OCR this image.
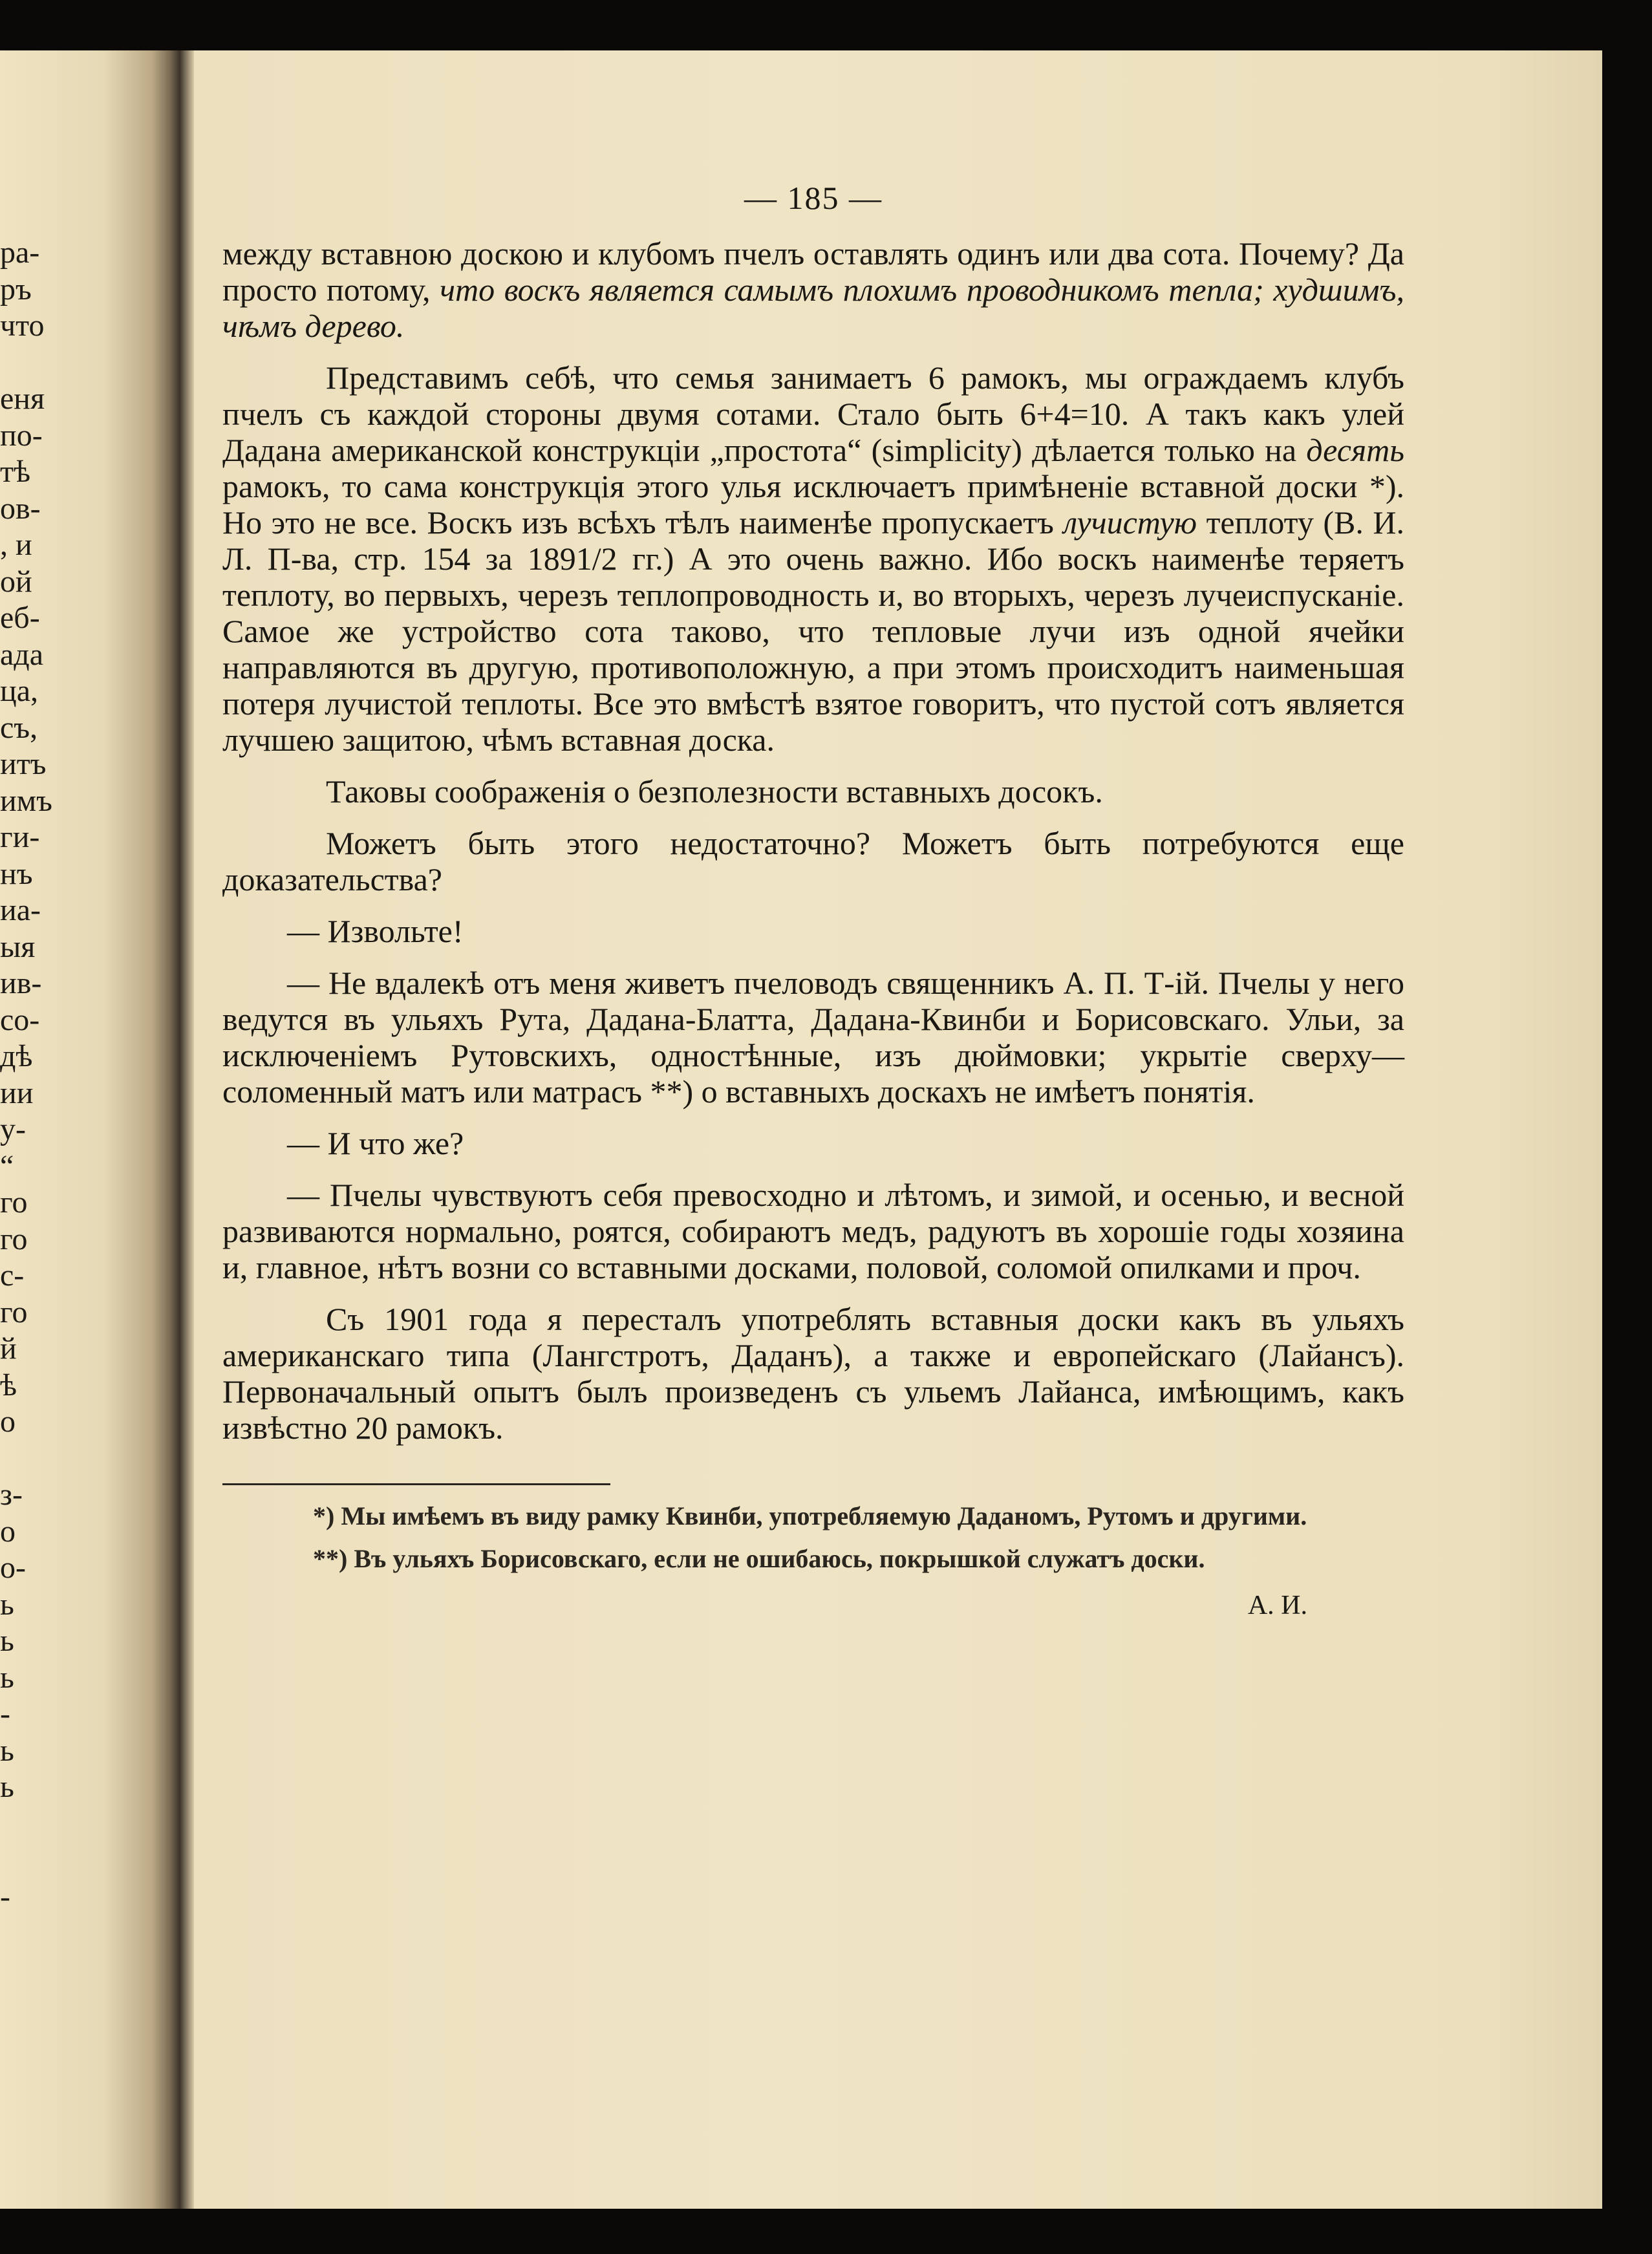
ра-
ръ
что
еня
по-
тѣ
ов-
, и
ой
еб-
ада
ца,
съ,
итъ
имъ
ги-
нъ
иа-
ыя
ив-
со-
дѣ
ии
у-
“
го
го
с-
го
й
ѣ
о
з-
о
о-
ь
ь
ь
-
ь
ь
-
— 185 —

между вставною доскою и клубомъ пчелъ оставлять одинъ или два сота. Почему? Да просто потому, что воскъ является самымъ плохимъ проводникомъ тепла; худшимъ, чѣмъ дерево.

Представимъ себѣ, что семья занимаетъ 6 рамокъ, мы ограждаемъ клубъ пчелъ съ каждой стороны двумя сотами. Стало быть 6+4=10. А такъ какъ улей Дадана американской конструкціи „простота“ (simplicity) дѣлается только на десять рамокъ, то сама конструкція этого улья исключаетъ примѣненіе вставной доски *). Но это не все. Воскъ изъ всѣхъ тѣлъ наименѣе пропускаетъ лучистую теплоту (В. И. Л. П-ва, стр. 154 за 1891/2 гг.) А это очень важно. Ибо воскъ наименѣе теряетъ теплоту, во первыхъ, черезъ теплопроводность и, во вторыхъ, черезъ лучеиспусканіе. Самое же устройство сота таково, что тепловые лучи изъ одной ячейки направляются въ другую, противоположную, а при этомъ происходитъ наименьшая потеря лучистой теплоты. Все это вмѣстѣ взятое говоритъ, что пустой сотъ является лучшею защитою, чѣмъ вставная доска.

Таковы соображенія о безполезности вставныхъ досокъ.

Можетъ быть этого недостаточно? Можетъ быть потребуются еще доказательства?

— Извольте!

— Не вдалекѣ отъ меня живетъ пчеловодъ священникъ А. П. Т-ій. Пчелы у него ведутся въ ульяхъ Рута, Дадана-Блатта, Дадана-Квинби и Борисовскаго. Ульи, за исключеніемъ Рутовскихъ, одностѣнные, изъ дюймовки; укрытіе сверху—соломенный матъ или матрасъ **) о вставныхъ доскахъ не имѣетъ понятія.

— И что же?

— Пчелы чувствуютъ себя превосходно и лѣтомъ, и зимой, и осенью, и весной развиваются нормально, роятся, собираютъ медъ, радуютъ въ хорошіе годы хозяина и, главное, нѣтъ возни со вставными досками, половой, соломой опилками и проч.

Съ 1901 года я пересталъ употреблять вставныя доски какъ въ ульяхъ американскаго типа (Лангстротъ, Даданъ), а также и европейскаго (Лайансъ). Первоначальный опытъ былъ произведенъ съ ульемъ Лайанса, имѣющимъ, какъ извѣстно 20 рамокъ.

*) Мы имѣемъ въ виду рамку Квинби, употребляемую Даданомъ, Рутомъ и другими.

**) Въ ульяхъ Борисовскаго, если не ошибаюсь, покрышкой служатъ доски.

А. И.
